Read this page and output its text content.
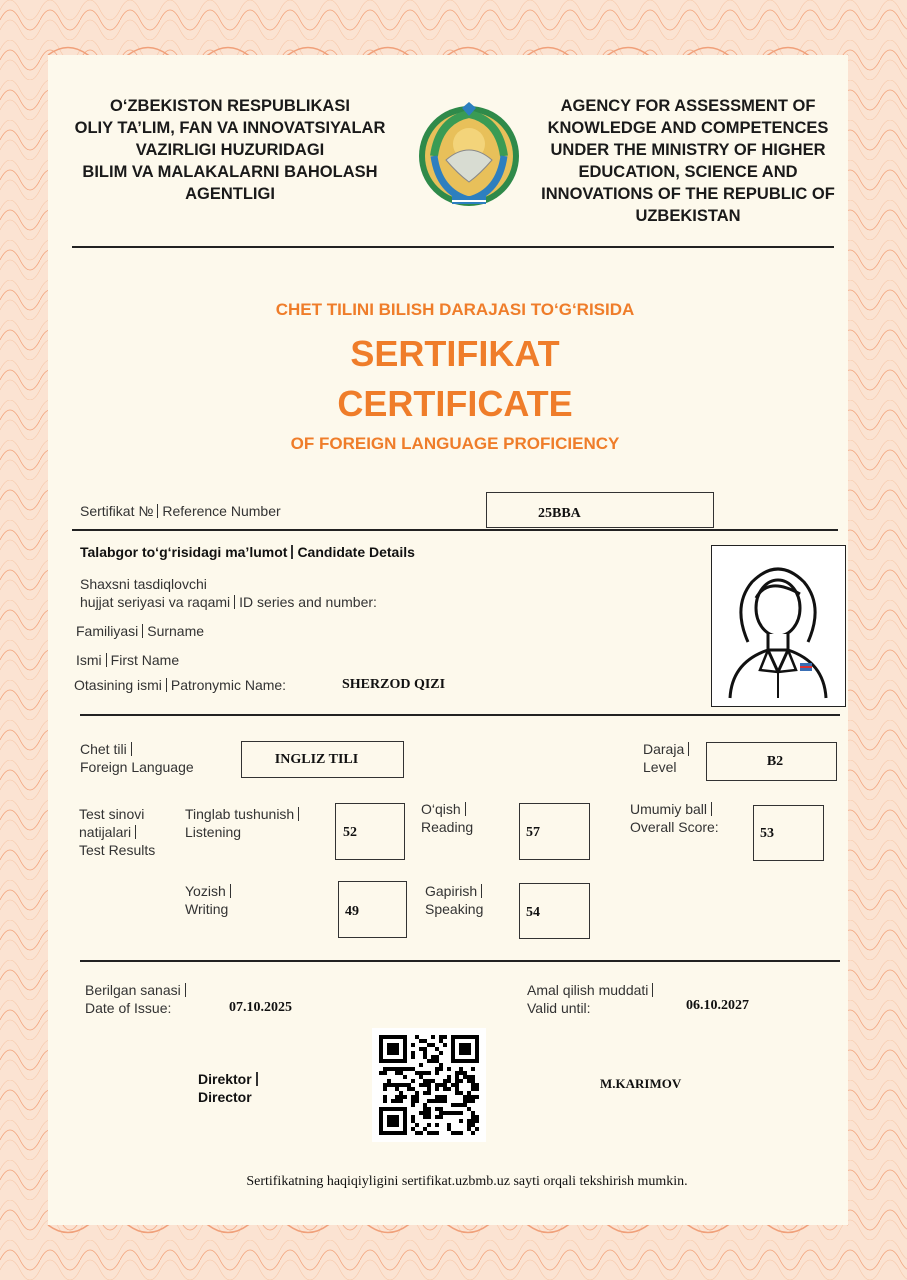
O‘ZBEKISTON RESPUBLIKASI
OLIY TA’LIM, FAN VA INNOVATSIYALAR
VAZIRLIGI HUZURIDAGI
BILIM VA MALAKALARNI BAHOLASH
AGENTLIGI
AGENCY FOR ASSESSMENT OF
KNOWLEDGE AND COMPETENCES
UNDER THE MINISTRY OF HIGHER
EDUCATION, SCIENCE AND
INNOVATIONS OF THE REPUBLIC OF
UZBEKISTAN
CHET TILINI BILISH DARAJASI TO‘G‘RISIDA
SERTIFIKAT
CERTIFICATE
OF FOREIGN LANGUAGE PROFICIENCY
Sertifikat № Reference Number	25BBA
Talabgor to‘g‘risidagi ma’lumot Candidate Details
Shaxsni tasdiqlovchi
hujjat seriyasi va raqami ID series and number:
Familiyasi Surname
Ismi First Name
Otasining ismi Patronymic Name:	SHERZOD QIZI
Chet tili
Foreign Language	INGLIZ TILI
Daraja
Level	B2
Test sinovi
natijalari
Test Results
Tinglab tushunish
Listening	52
O‘qish
Reading	57
Umumiy ball
Overall Score:	53
Yozish
Writing	49
Gapirish
Speaking	54
Berilgan sanasi
Date of Issue:	07.10.2025
Amal qilish muddati
Valid until:	06.10.2027
Direktor
Director
M.KARIMOV
Sertifikatning haqiqiyligini sertifikat.uzbmb.uz sayti orqali tekshirish mumkin.
